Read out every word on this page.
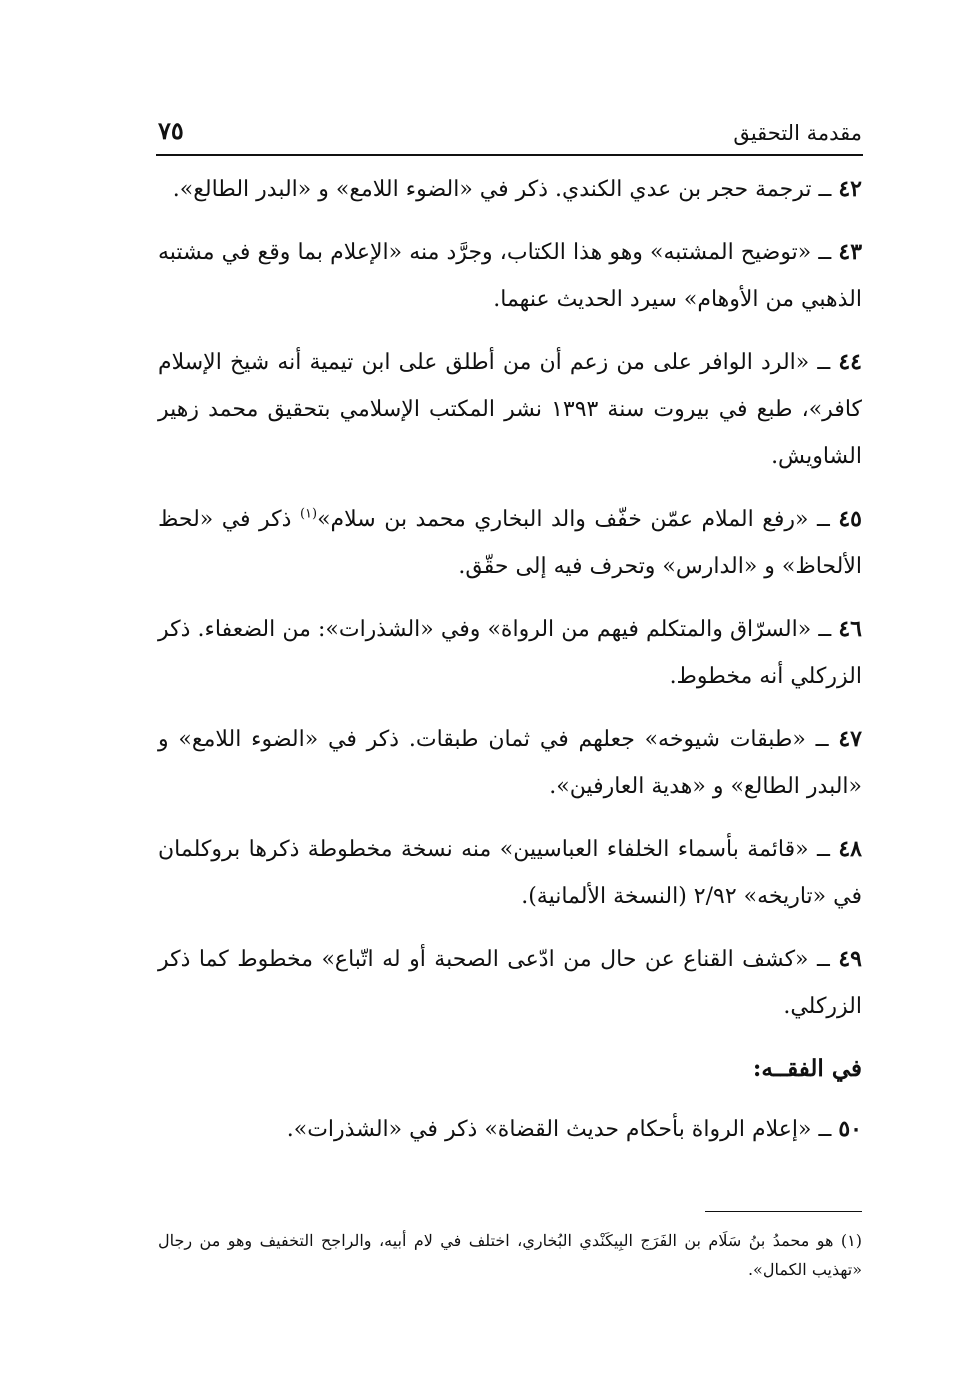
مقدمة التحقيق
٧٥

٤٢ ــ ترجمة حجر بن عدي الكندي. ذكر في «الضوء اللامع» و «البدر الطالع».

٤٣ ــ «توضيح المشتبه» وهو هذا الكتاب، وجرَّد منه «الإعلام بما وقع في مشتبه الذهبي من الأوهام» سيرد الحديث عنهما.

٤٤ ــ «الرد الوافر على من زعم أن من أطلق على ابن تيمية أنه شيخ الإسلام كافر»، طبع في بيروت سنة ١٣٩٣ نشر المكتب الإسلامي بتحقيق محمد زهير الشاويش.

٤٥ ــ «رفع الملام عمّن خفّف والد البخاري محمد بن سلام»$^{(١)}$ ذكر في «لحظ الألحاظ» و «الدارس» وتحرف فيه إلى حقّق.

٤٦ ــ «السرّاق والمتكلم فيهم من الرواة» وفي «الشذرات»: من الضعفاء. ذكر الزركلي أنه مخطوط.

٤٧ ــ «طبقات شيوخه» جعلهم في ثمان طبقات. ذكر في «الضوء اللامع» و «البدر الطالع» و «هدية العارفين».

٤٨ ــ «قائمة بأسماء الخلفاء العباسيين» منه نسخة مخطوطة ذكرها بروكلمان في «تاريخه» ٢/٩٢ (النسخة الألمانية).

٤٩ ــ «كشف القناع عن حال من ادّعى الصحبة أو له اتّباع» مخطوط كما ذكر الزركلي.

في الفقــه:

٥٠ ــ «إعلام الرواة بأحكام حديث القضاة» ذكر في «الشذرات».

(١) هو محمدُ بنُ سَلَام بن الفَرَج البِيكَنْدي البُخاري، اختلف في لام أبيه، والراجح التخفيف وهو من رجال «تهذيب الكمال».
